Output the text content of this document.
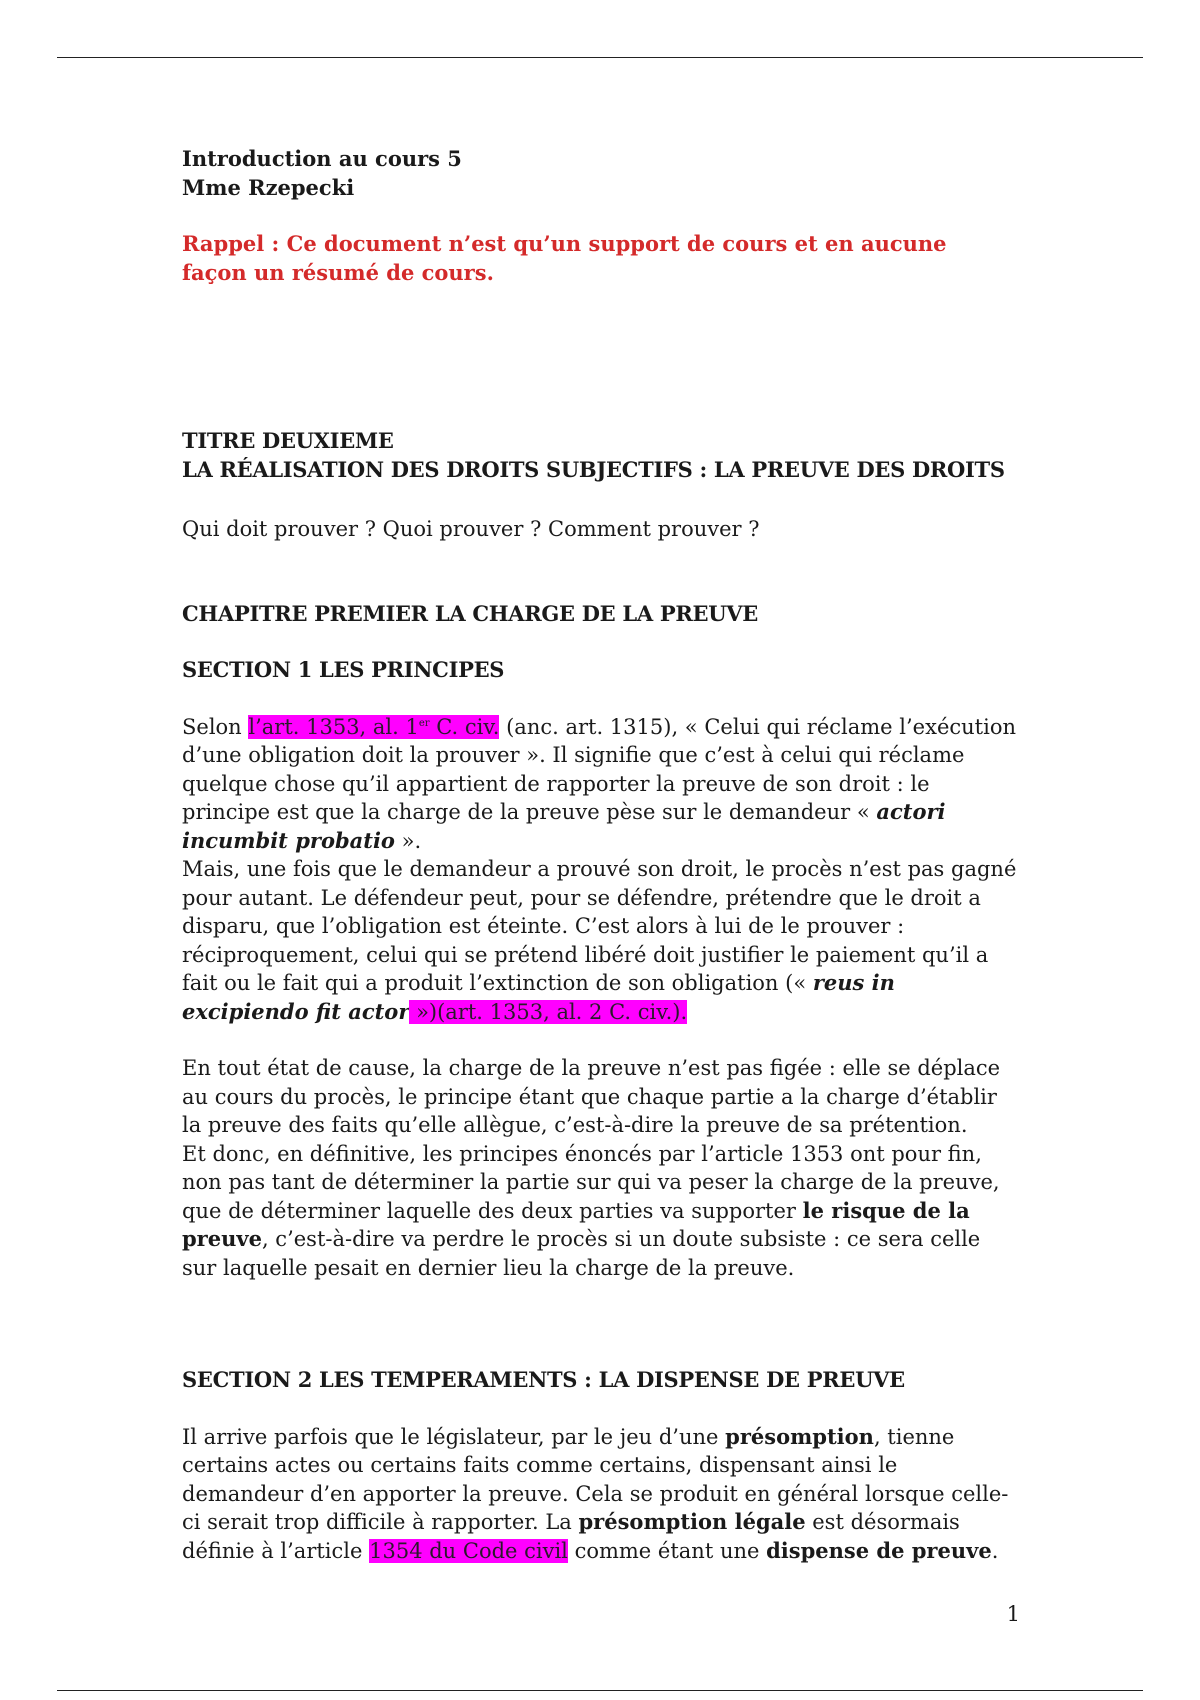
Introduction au cours 5

Mme Rzepecki

Rappel : Ce document n’est qu’un support de cours et en aucune façon un résumé de cours.

TITRE DEUXIEME

LA RÉALISATION DES DROITS SUBJECTIFS : LA PREUVE DES DROITS

Qui doit prouver ? Quoi prouver ? Comment prouver ?

CHAPITRE PREMIER LA CHARGE DE LA PREUVE

SECTION 1 LES PRINCIPES

Selon l’art. 1353, al. 1er C. civ. (anc. art. 1315), « Celui qui réclame l’exécution d’une obligation doit la prouver ». Il signifie que c’est à celui qui réclame quelque chose qu’il appartient de rapporter la preuve de son droit : le principe est que la charge de la preuve pèse sur le demandeur « actori incumbit probatio ».

Mais, une fois que le demandeur a prouvé son droit, le procès n’est pas gagné pour autant. Le défendeur peut, pour se défendre, prétendre que le droit a disparu, que l’obligation est éteinte. C’est alors à lui de le prouver : réciproquement, celui qui se prétend libéré doit justifier le paiement qu’il a fait ou le fait qui a produit l’extinction de son obligation (« reus in excipiendo fit actor »)(art. 1353, al. 2 C. civ.).

En tout état de cause, la charge de la preuve n’est pas figée : elle se déplace au cours du procès, le principe étant que chaque partie a la charge d’établir la preuve des faits qu’elle allègue, c’est-à-dire la preuve de sa prétention.

Et donc, en définitive, les principes énoncés par l’article 1353 ont pour fin, non pas tant de déterminer la partie sur qui va peser la charge de la preuve, que de déterminer laquelle des deux parties va supporter le risque de la preuve, c’est-à-dire va perdre le procès si un doute subsiste : ce sera celle sur laquelle pesait en dernier lieu la charge de la preuve.

SECTION 2 LES TEMPERAMENTS : LA DISPENSE DE PREUVE

Il arrive parfois que le législateur, par le jeu d’une présomption, tienne certains actes ou certains faits comme certains, dispensant ainsi le demandeur d’en apporter la preuve. Cela se produit en général lorsque celle-ci serait trop difficile à rapporter. La présomption légale est désormais définie à l’article 1354 du Code civil comme étant une dispense de preuve.

1
